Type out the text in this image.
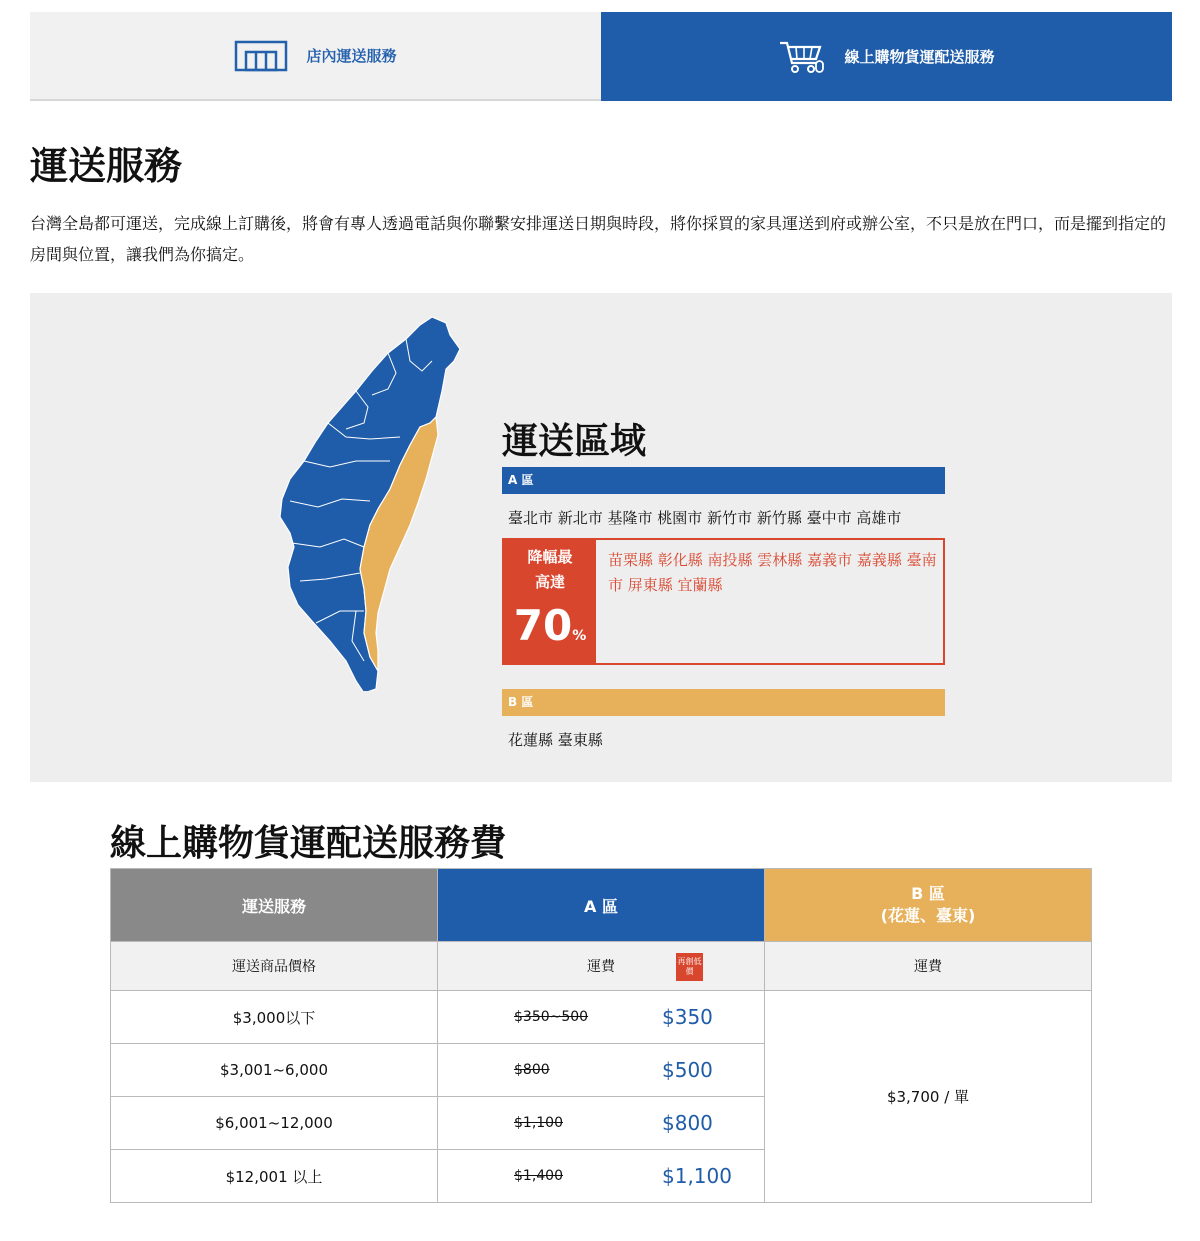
店內運送服務	線上購物貨運配送服務
運送服務

台灣全島都可運送，完成線上訂購後，將會有專人透過電話與你聯繫安排運送日期與時段，將你採買的家具運送到府或辦公室，不只是放在門口，而是擺到指定的房間與位置，讓我們為你搞定。

運送區域
A 區

臺北市 新北市 基隆市 桃園市 新竹市 新竹縣 臺中市 高雄市

降幅最
高達
70%

苗栗縣 彰化縣 南投縣 雲林縣 嘉義市 嘉義縣 臺南市 屏東縣 宜蘭縣

B 區

花蓮縣 臺東縣

線上購物貨運配送服務費
運送服務	A 區	B 區
(花蓮、臺東)

運送商品價格	運費 再創低價	運費
$3,000以下	$350~500 $350	$3,700 / 單
$3,001~6,000	$800 $500	

$6,001~12,000	$1,100 $800	

$12,001 以上	$1,400 $1,100	
